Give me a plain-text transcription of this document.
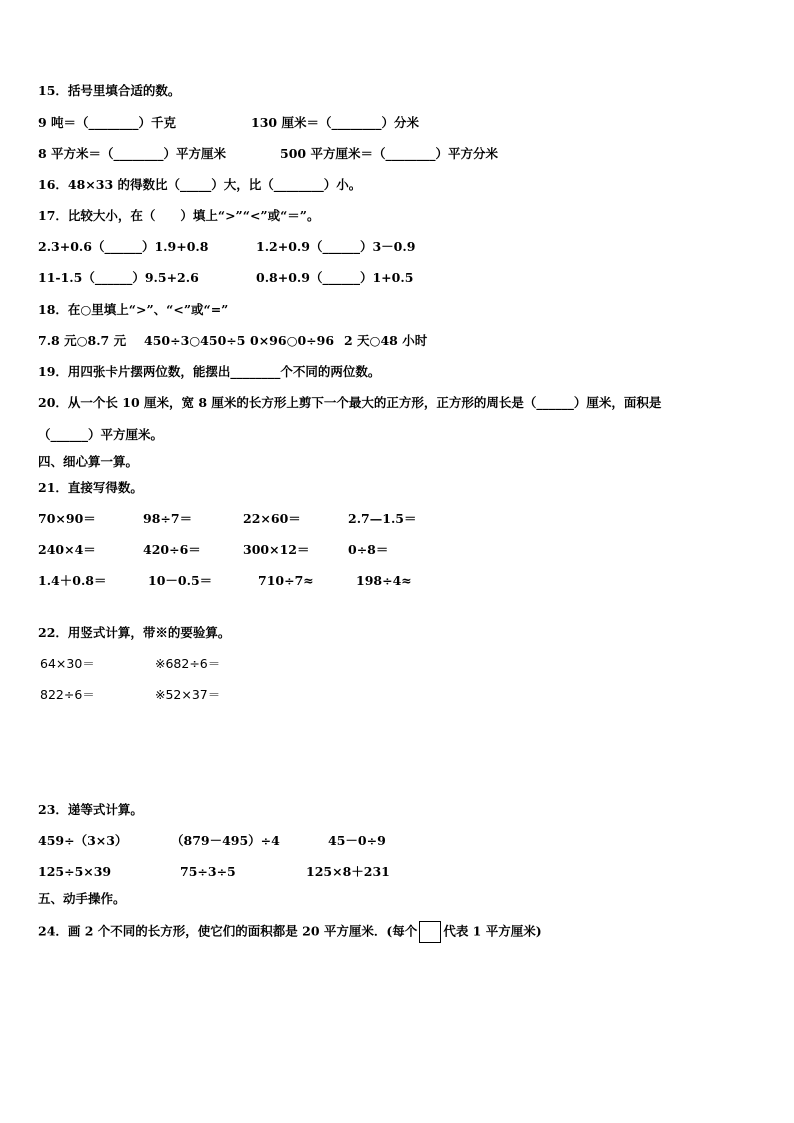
15．括号里填合适的数。
9 吨＝（________）千克	130 厘米＝（________）分米
8 平方米＝（________）平方厘米	500 平方厘米＝（________）平方分米
16．48×33 的得数比（_____）大，比（________）小。
17．比较大小，在（　　）填上“>”“<”或“＝”。
2.3+0.6（______）1.9+0.8	1.2+0.9（______）3－0.9
11-1.5（______）9.5+2.6	0.8+0.9（______）1+0.5
18．在○里填上“>”、“<”或“=”
7.8 元○8.7 元 450÷3○450÷5 0×96○0÷96 2 天○48 小时
19．用四张卡片摆两位数，能摆出________个不同的两位数。
20．从一个长 10 厘米，宽 8 厘米的长方形上剪下一个最大的正方形，正方形的周长是（______）厘米，面积是
（______）平方厘米。
四、细心算一算。
21．直接写得数。
70×90＝	98÷7＝	22×60＝	2.7—1.5＝
240×4＝	420÷6＝	300×12＝	0÷8＝
1.4＋0.8＝	10－0.5＝	710÷7≈	198÷4≈
22．用竖式计算，带※的要验算。
64×30＝	※682÷6＝
822÷6＝	※52×37＝
23．递等式计算。
459÷（3×3）	（879－495）÷4	45－0÷9
125÷5×39	75÷3÷5	125×8＋231
五、动手操作。
24．画 2 个不同的长方形，使它们的面积都是 20 平方厘米．(每个 代表 1 平方厘米)
